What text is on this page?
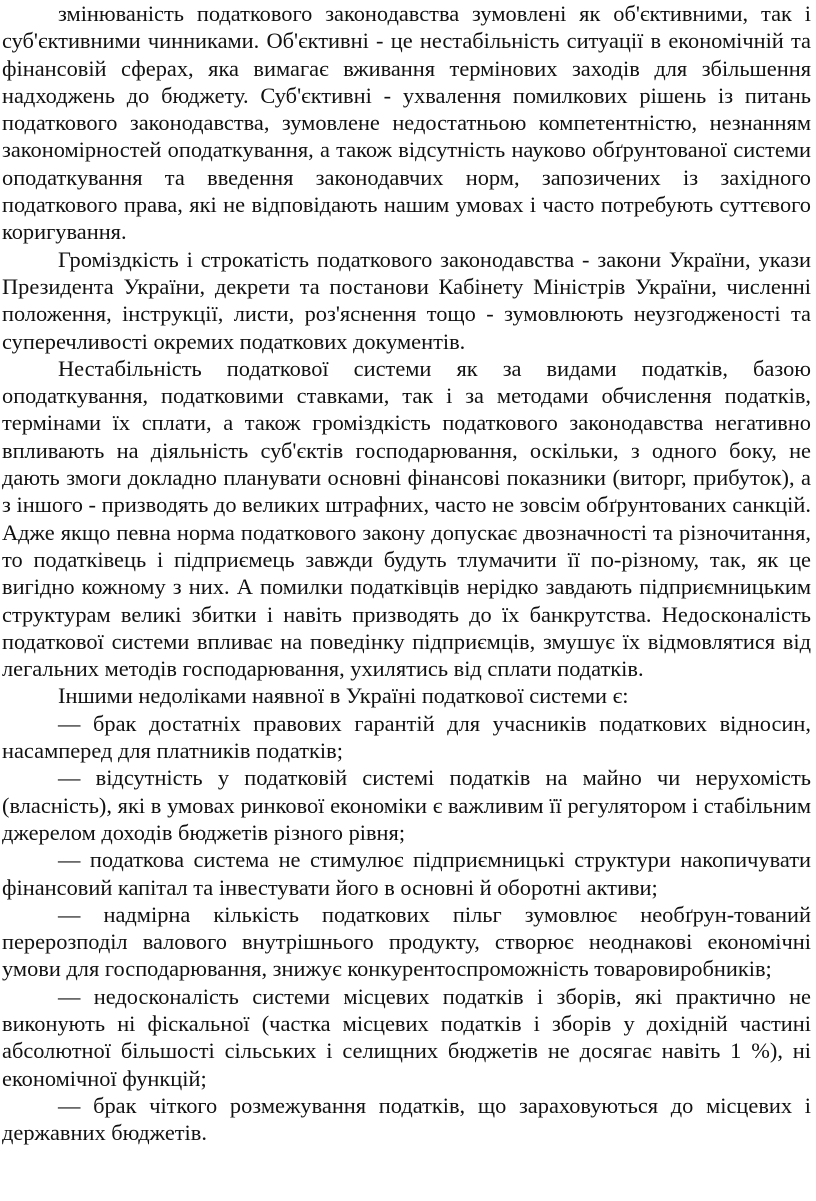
змінюваність податкового законодавства зумовлені як об'єктивними, так і суб'єктивними чинниками. Об'єктивні - це нестабільність ситуації в економічній та фінансовій сферах, яка вимагає вживання термінових заходів для збільшення надходжень до бюджету. Суб'єктивні - ухвалення помилкових рішень із питань податкового законодавства, зумовлене недостатньою компетентністю, незнанням закономірностей оподаткування, а також відсутність науково обґрунтованої системи оподаткування та введення законодавчих норм, запозичених із західного податкового права, які не відповідають нашим умовах і часто потребують суттєвого коригування.

Громіздкість і строкатість податкового законодавства - закони України, укази Президента України, декрети та постанови Кабінету Міністрів України, численні положення, інструкції, листи, роз'яснення тощо - зумовлюють неузгодженості та суперечливості окремих податкових документів.

Нестабільність податкової системи як за видами податків, базою оподаткування, податковими ставками, так і за методами обчислення податків, термінами їх сплати, а також громіздкість податкового законодавства негативно впливають на діяльність суб'єктів господарювання, оскільки, з одного боку, не дають змоги докладно планувати основні фінансові показники (виторг, прибуток), а з іншого - призводять до великих штрафних, часто не зовсім обґрунтованих санкцій. Адже якщо певна норма податкового закону допускає двозначності та різночитання, то податківець і підприємець завжди будуть тлумачити її по-різному, так, як це вигідно кожному з них. А помилки податківців нерідко завдають підприємницьким структурам великі збитки і навіть призводять до їх банкрутства. Недосконалість податкової системи впливає на поведінку підприємців, змушує їх відмовлятися від легальних методів господарювання, ухилятись від сплати податків.

Іншими недоліками наявної в Україні податкової системи є:

— брак достатніх правових гарантій для учасників податкових відносин, насамперед для платників податків;

— відсутність у податковій системі податків на майно чи нерухомість (власність), які в умовах ринкової економіки є важливим її регулятором і стабільним джерелом доходів бюджетів різного рівня;

— податкова система не стимулює підприємницькі структури накопичувати фінансовий капітал та інвестувати його в основні й оборотні активи;

— надмірна кількість податкових пільг зумовлює необґрун-тований перерозподіл валового внутрішнього продукту, створює неоднакові економічні умови для господарювання, знижує конкурентоспроможність товаровиробників;

— недосконалість системи місцевих податків і зборів, які практично не виконують ні фіскальної (частка місцевих податків і зборів у дохідній частині абсолютної більшості сільських і селищних бюджетів не досягає навіть 1 %), ні економічної функцій;

— брак чіткого розмежування податків, що зараховуються до місцевих і державних бюджетів.
